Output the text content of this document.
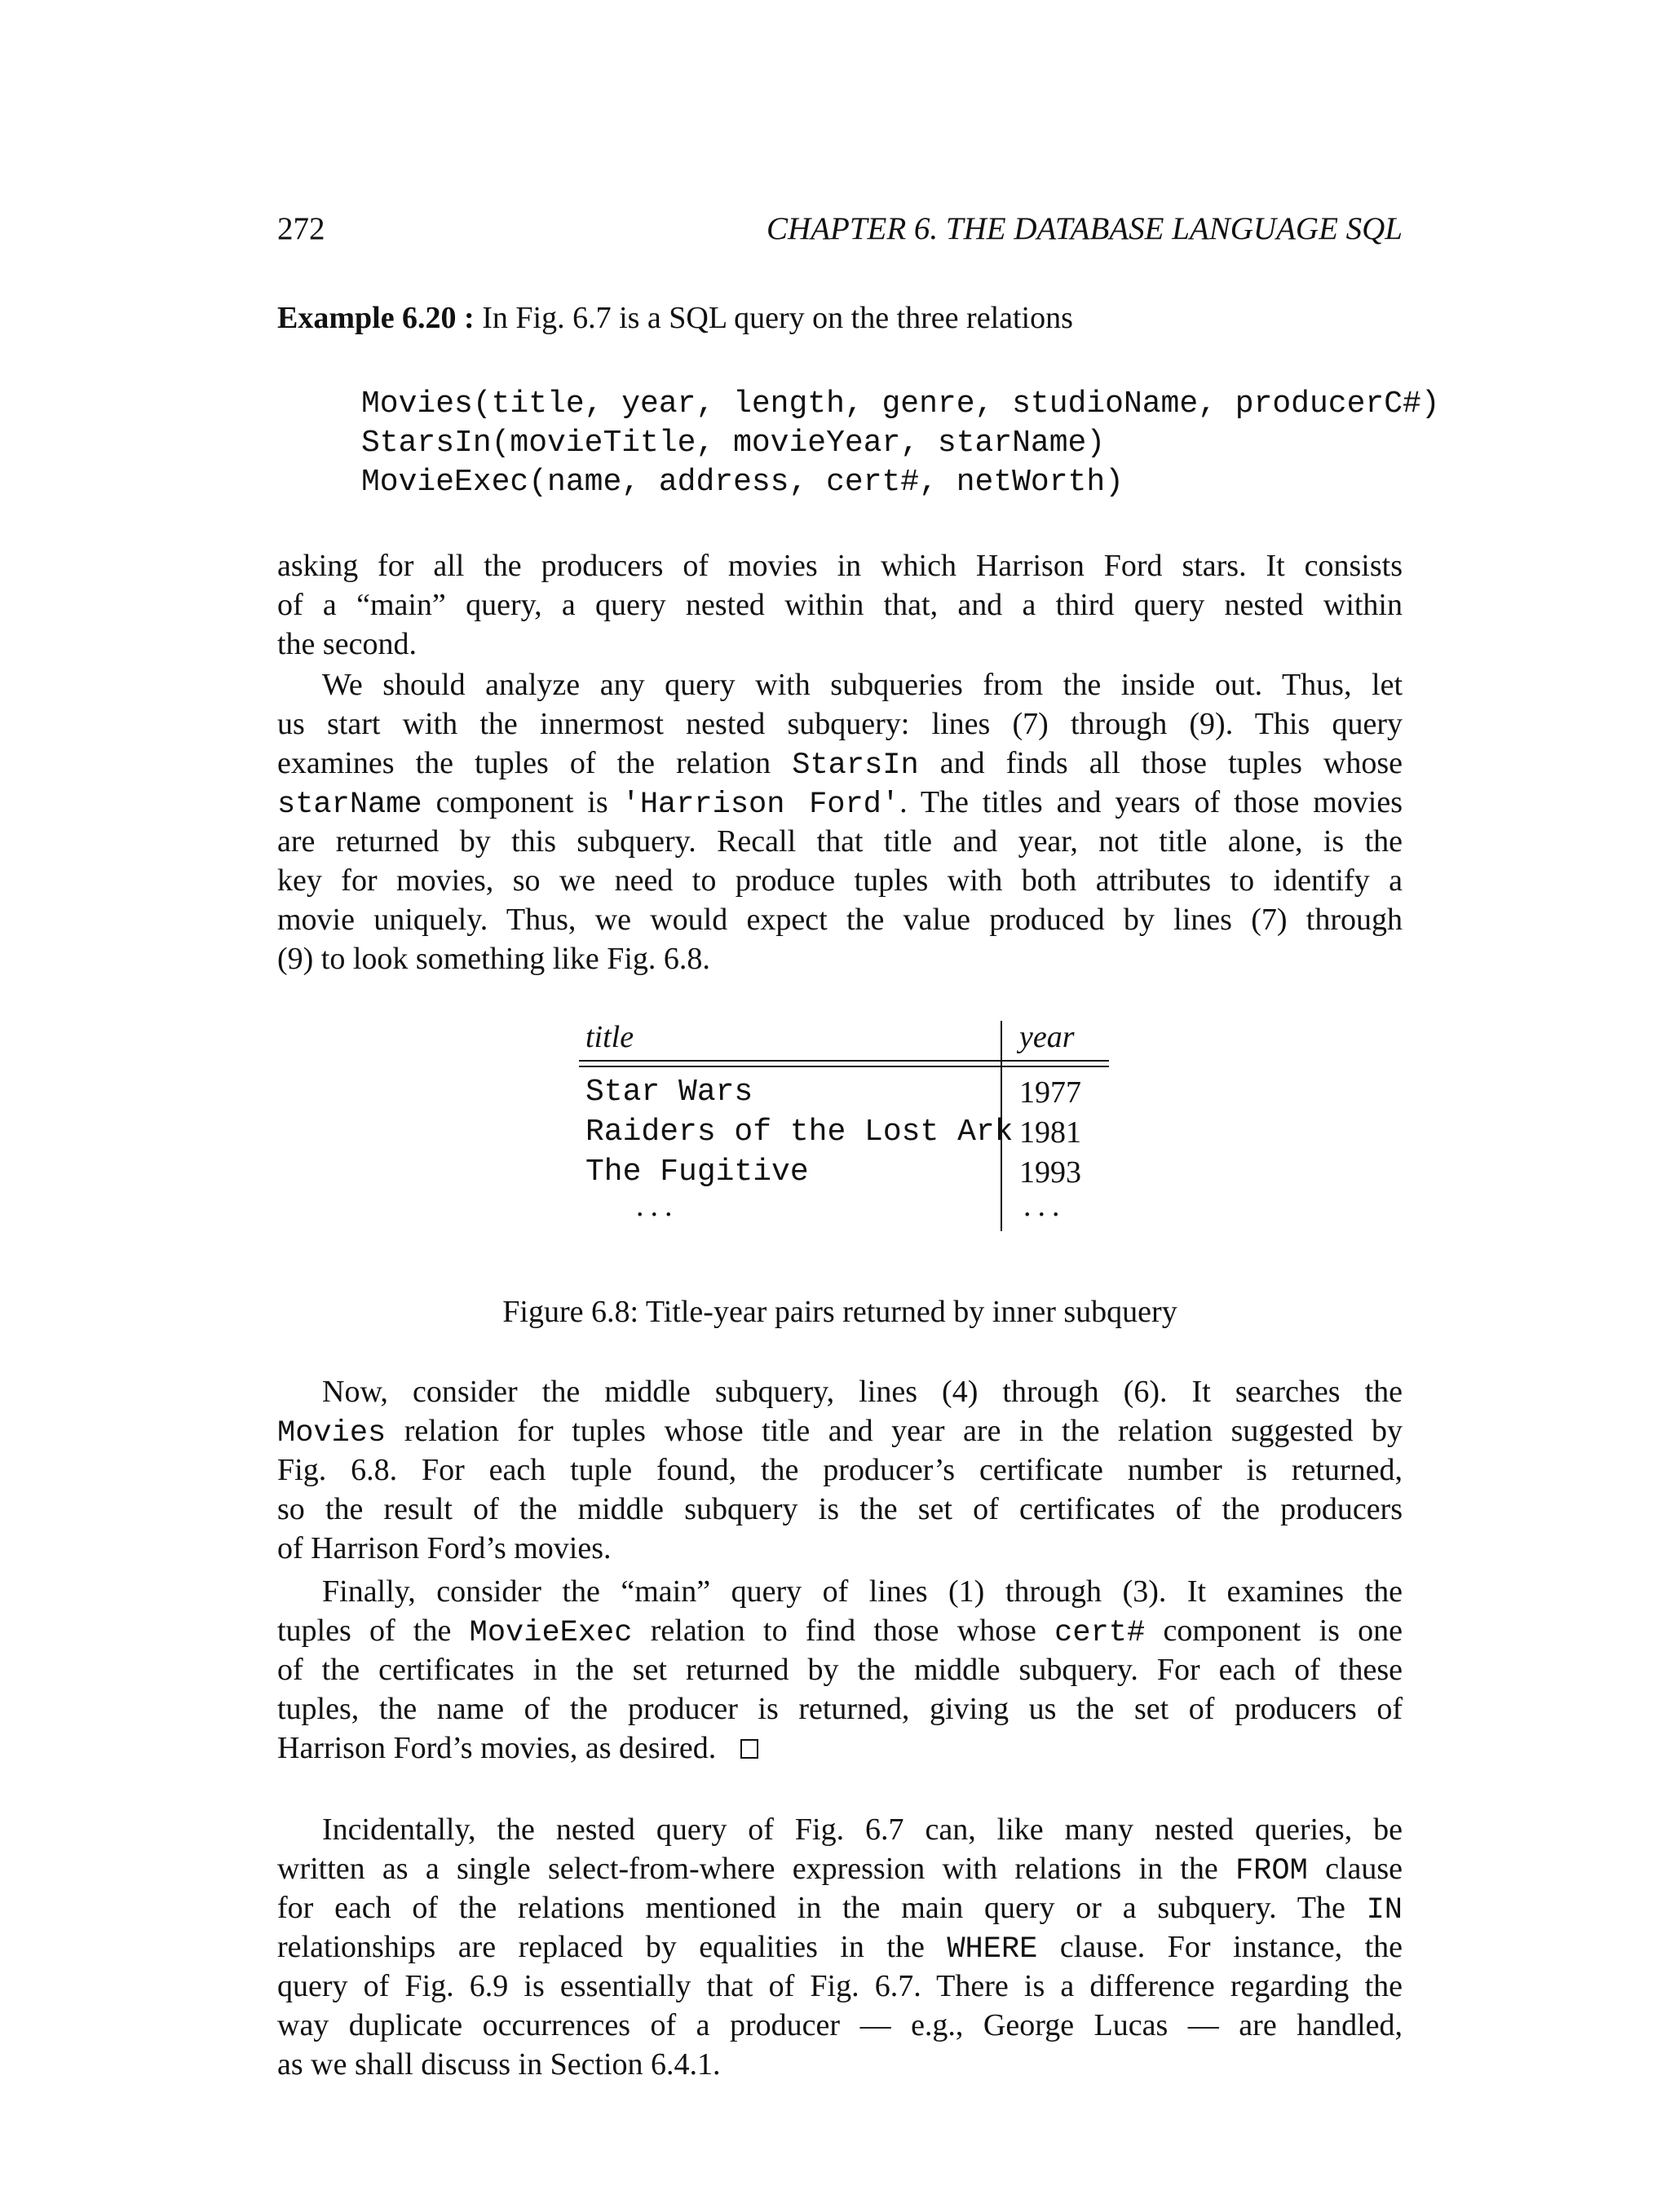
272	CHAPTER 6. THE DATABASE LANGUAGE SQL

Example 6.20 : In Fig. 6.7 is a SQL query on the three relations

Movies(title, year, length, genre, studioName, producerC#)
StarsIn(movieTitle, movieYear, starName)
MovieExec(name, address, cert#, netWorth)

asking for all the producers of movies in which Harrison Ford stars. It consists
of a “main” query, a query nested within that, and a third query nested within
the second.

We should analyze any query with subqueries from the inside out. Thus, let
us start with the innermost nested subquery: lines (7) through (9). This query
examines the tuples of the relation StarsIn and finds all those tuples whose
starName component is 'Harrison Ford'. The titles and years of those movies
are returned by this subquery. Recall that title and year, not title alone, is the
key for movies, so we need to produce tuples with both attributes to identify a
movie uniquely. Thus, we would expect the value produced by lines (7) through
(9) to look something like Fig. 6.8.

title	year
Star Wars	1977
Raiders of the Lost Ark 1981
The Fugitive	1993
...	...
Figure 6.8: Title-year pairs returned by inner subquery

Now, consider the middle subquery, lines (4) through (6). It searches the
Movies relation for tuples whose title and year are in the relation suggested by
Fig. 6.8. For each tuple found, the producer’s certificate number is returned,
so the result of the middle subquery is the set of certificates of the producers
of Harrison Ford’s movies.

Finally, consider the “main” query of lines (1) through (3). It examines the
tuples of the MovieExec relation to find those whose cert# component is one
of the certificates in the set returned by the middle subquery. For each of these
tuples, the name of the producer is returned, giving us the set of producers of
Harrison Ford’s movies, as desired.

Incidentally, the nested query of Fig. 6.7 can, like many nested queries, be
written as a single select-from-where expression with relations in the FROM clause
for each of the relations mentioned in the main query or a subquery. The IN
relationships are replaced by equalities in the WHERE clause. For instance, the
query of Fig. 6.9 is essentially that of Fig. 6.7. There is a difference regarding the
way duplicate occurrences of a producer — e.g., George Lucas — are handled,
as we shall discuss in Section 6.4.1.
